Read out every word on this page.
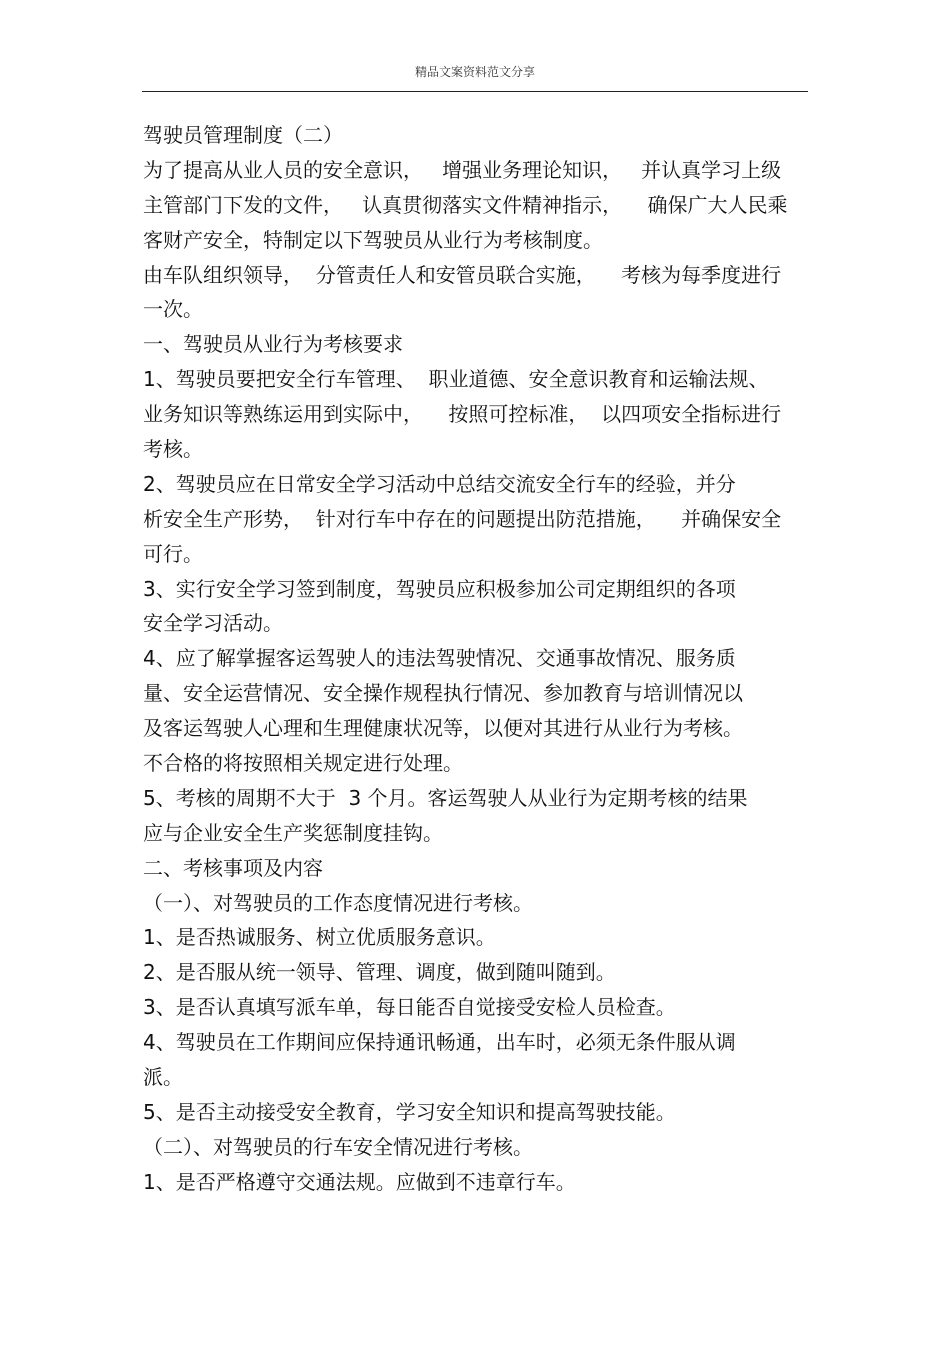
精品文案资料范文分享
驾驶员管理制度（二）
为了提高从业人员的安全意识，   增强业务理论知识，   并认真学习上级
主管部门下发的文件，   认真贯彻落实文件精神指示，    确保广大人民乘
客财产安全，特制定以下驾驶员从业行为考核制度。
由车队组织领导，  分管责任人和安管员联合实施，    考核为每季度进行
一次。
一、驾驶员从业行为考核要求
1、驾驶员要把安全行车管理、  职业道德、安全意识教育和运输法规、
业务知识等熟练运用到实际中，    按照可控标准，  以四项安全指标进行
考核。
2、驾驶员应在日常安全学习活动中总结交流安全行车的经验，并分
析安全生产形势，  针对行车中存在的问题提出防范措施，    并确保安全
可行。
3、实行安全学习签到制度，驾驶员应积极参加公司定期组织的各项
安全学习活动。
4、应了解掌握客运驾驶人的违法驾驶情况、交通事故情况、服务质
量、安全运营情况、安全操作规程执行情况、参加教育与培训情况以
及客运驾驶人心理和生理健康状况等，以便对其进行从业行为考核。
不合格的将按照相关规定进行处理。
5、考核的周期不大于  3 个月。客运驾驶人从业行为定期考核的结果
应与企业安全生产奖惩制度挂钩。
二、考核事项及内容
（一）、对驾驶员的工作态度情况进行考核。
1、是否热诚服务、树立优质服务意识。
2、是否服从统一领导、管理、调度，做到随叫随到。
3、是否认真填写派车单，每日能否自觉接受安检人员检查。
4、驾驶员在工作期间应保持通讯畅通，出车时，必须无条件服从调
派。
5、是否主动接受安全教育，学习安全知识和提高驾驶技能。
（二）、对驾驶员的行车安全情况进行考核。
1、是否严格遵守交通法规。应做到不违章行车。
